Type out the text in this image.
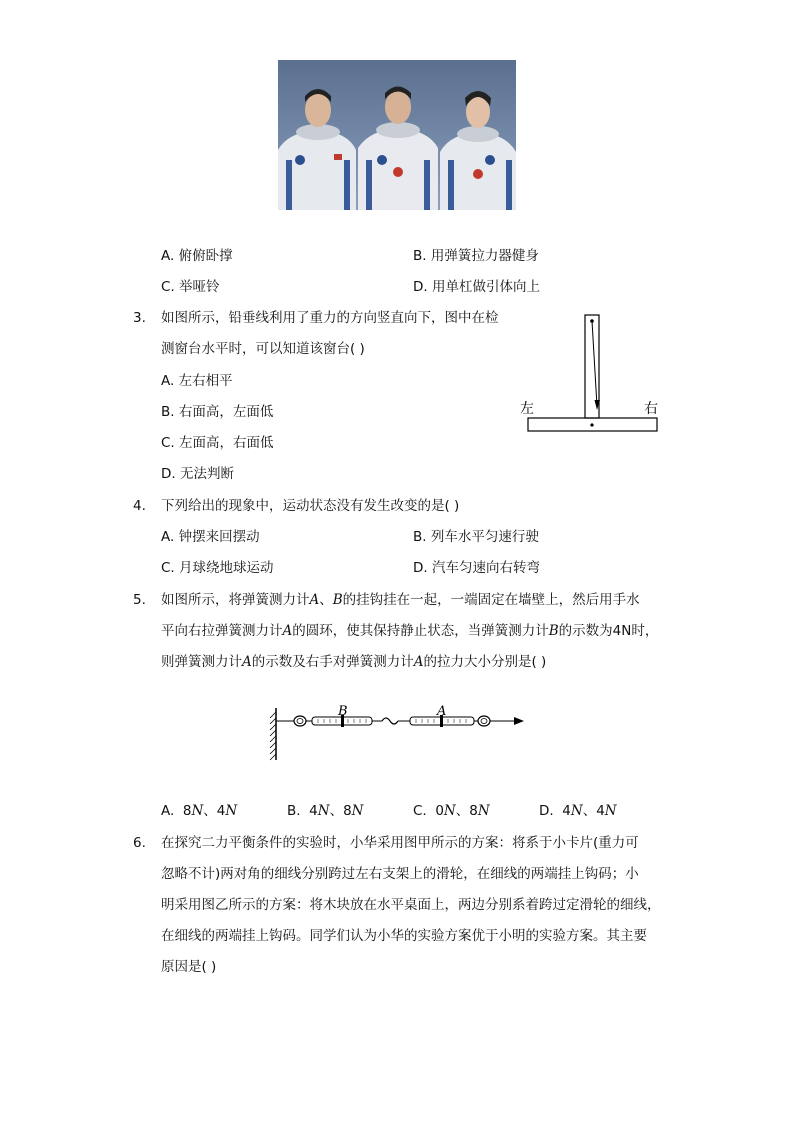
A. 俯俯卧撑	B. 用弹簧拉力器健身
C. 举哑铃	D. 用单杠做引体向上
3. 如图所示，铅垂线利用了重力的方向竖直向下，图中在检
测窗台水平时，可以知道该窗台( )
A. 左右相平
B. 右面高，左面低
C. 左面高，右面低
D. 无法判断
左	右
4. 下列给出的现象中，运动状态没有发生改变的是( )
A. 钟摆来回摆动	B. 列车水平匀速行驶
C. 月球绕地球运动	D. 汽车匀速向右转弯
5. 如图所示，将弹簧测力计A、B的挂钩挂在一起，一端固定在墙壁上，然后用手水
平向右拉弹簧测力计A的圆环，使其保持静止状态，当弹簧测力计B的示数为4N时，
则弹簧测力计A的示数及右手对弹簧测力计A的拉力大小分别是( )
B	A
A. 8N、4N	B. 4N、8N	C. 0N、8N	D. 4N、4N
6. 在探究二力平衡条件的实验时，小华采用图甲所示的方案：将系于小卡片(重力可
忽略不计)两对角的细线分别跨过左右支架上的滑轮，在细线的两端挂上钩码；小
明采用图乙所示的方案：将木块放在水平桌面上，两边分别系着跨过定滑轮的细线，
在细线的两端挂上钩码。同学们认为小华的实验方案优于小明的实验方案。其主要
原因是( )
